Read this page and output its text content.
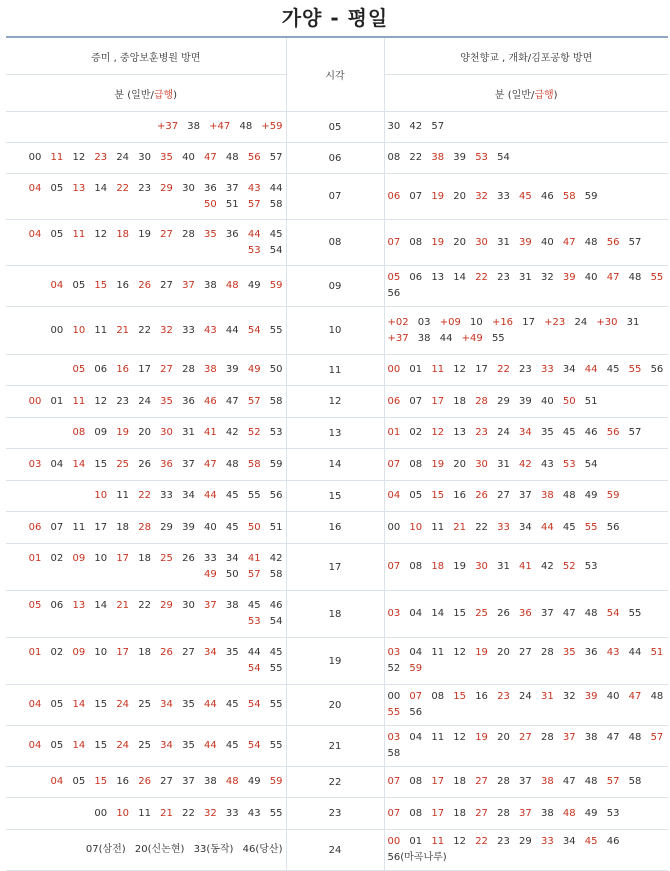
가양 - 평일
증미 , 중앙보훈병원 방면	시각	양천향교 , 개화/김포공항 방면
분 (일반/급행)		분 (일반/급행)

+37 38 +47 48 +59	05	30 42 57

00 11 12 23 24 30 35 40 47 48 56 57	06	08 22 38 39 53 54

04 05 13 14 22 23 29 30 36 37 43 44 50 51 57 58	07	06 07 19 20 32 33 45 46 58 59

04 05 11 12 18 19 27 28 35 36 44 45 53 54	08	07 08 19 20 30 31 39 40 47 48 56 57

04 05 15 16 26 27 37 38 48 49 59	09	05 06 13 14 22 23 31 32 39 40 47 48 55 56

00 10 11 21 22 32 33 43 44 54 55	10	+02 03 +09 10 +16 17 +23 24 +30 31 +37 38 44 +49 55

05 06 16 17 27 28 38 39 49 50	11	00 01 11 12 17 22 23 33 34 44 45 55 56

00 01 11 12 23 24 35 36 46 47 57 58	12	06 07 17 18 28 29 39 40 50 51

08 09 19 20 30 31 41 42 52 53	13	01 02 12 13 23 24 34 35 45 46 56 57

03 04 14 15 25 26 36 37 47 48 58 59	14	07 08 19 20 30 31 42 43 53 54

10 11 22 33 34 44 45 55 56	15	04 05 15 16 26 27 37 38 48 49 59

06 07 11 17 18 28 29 39 40 45 50 51	16	00 10 11 21 22 33 34 44 45 55 56

01 02 09 10 17 18 25 26 33 34 41 42 49 50 57 58	17	07 08 18 19 30 31 41 42 52 53

05 06 13 14 21 22 29 30 37 38 45 46 53 54	18	03 04 14 15 25 26 36 37 47 48 54 55

01 02 09 10 17 18 26 27 34 35 44 45 54 55	19	03 04 11 12 19 20 27 28 35 36 43 44 51 52 59

04 05 14 15 24 25 34 35 44 45 54 55	20	00 07 08 15 16 23 24 31 32 39 40 47 48 55 56

04 05 14 15 24 25 34 35 44 45 54 55	21	03 04 11 12 19 20 27 28 37 38 47 48 57 58

04 05 15 16 26 27 37 38 48 49 59	22	07 08 17 18 27 28 37 38 47 48 57 58

00 10 11 21 22 32 33 43 55	23	07 08 17 18 27 28 37 38 48 49 53

07(삼전) 20(신논현) 33(동작) 46(당산)	24	00 01 11 12 22 23 29 33 34 45 46 56(마곡나루)
